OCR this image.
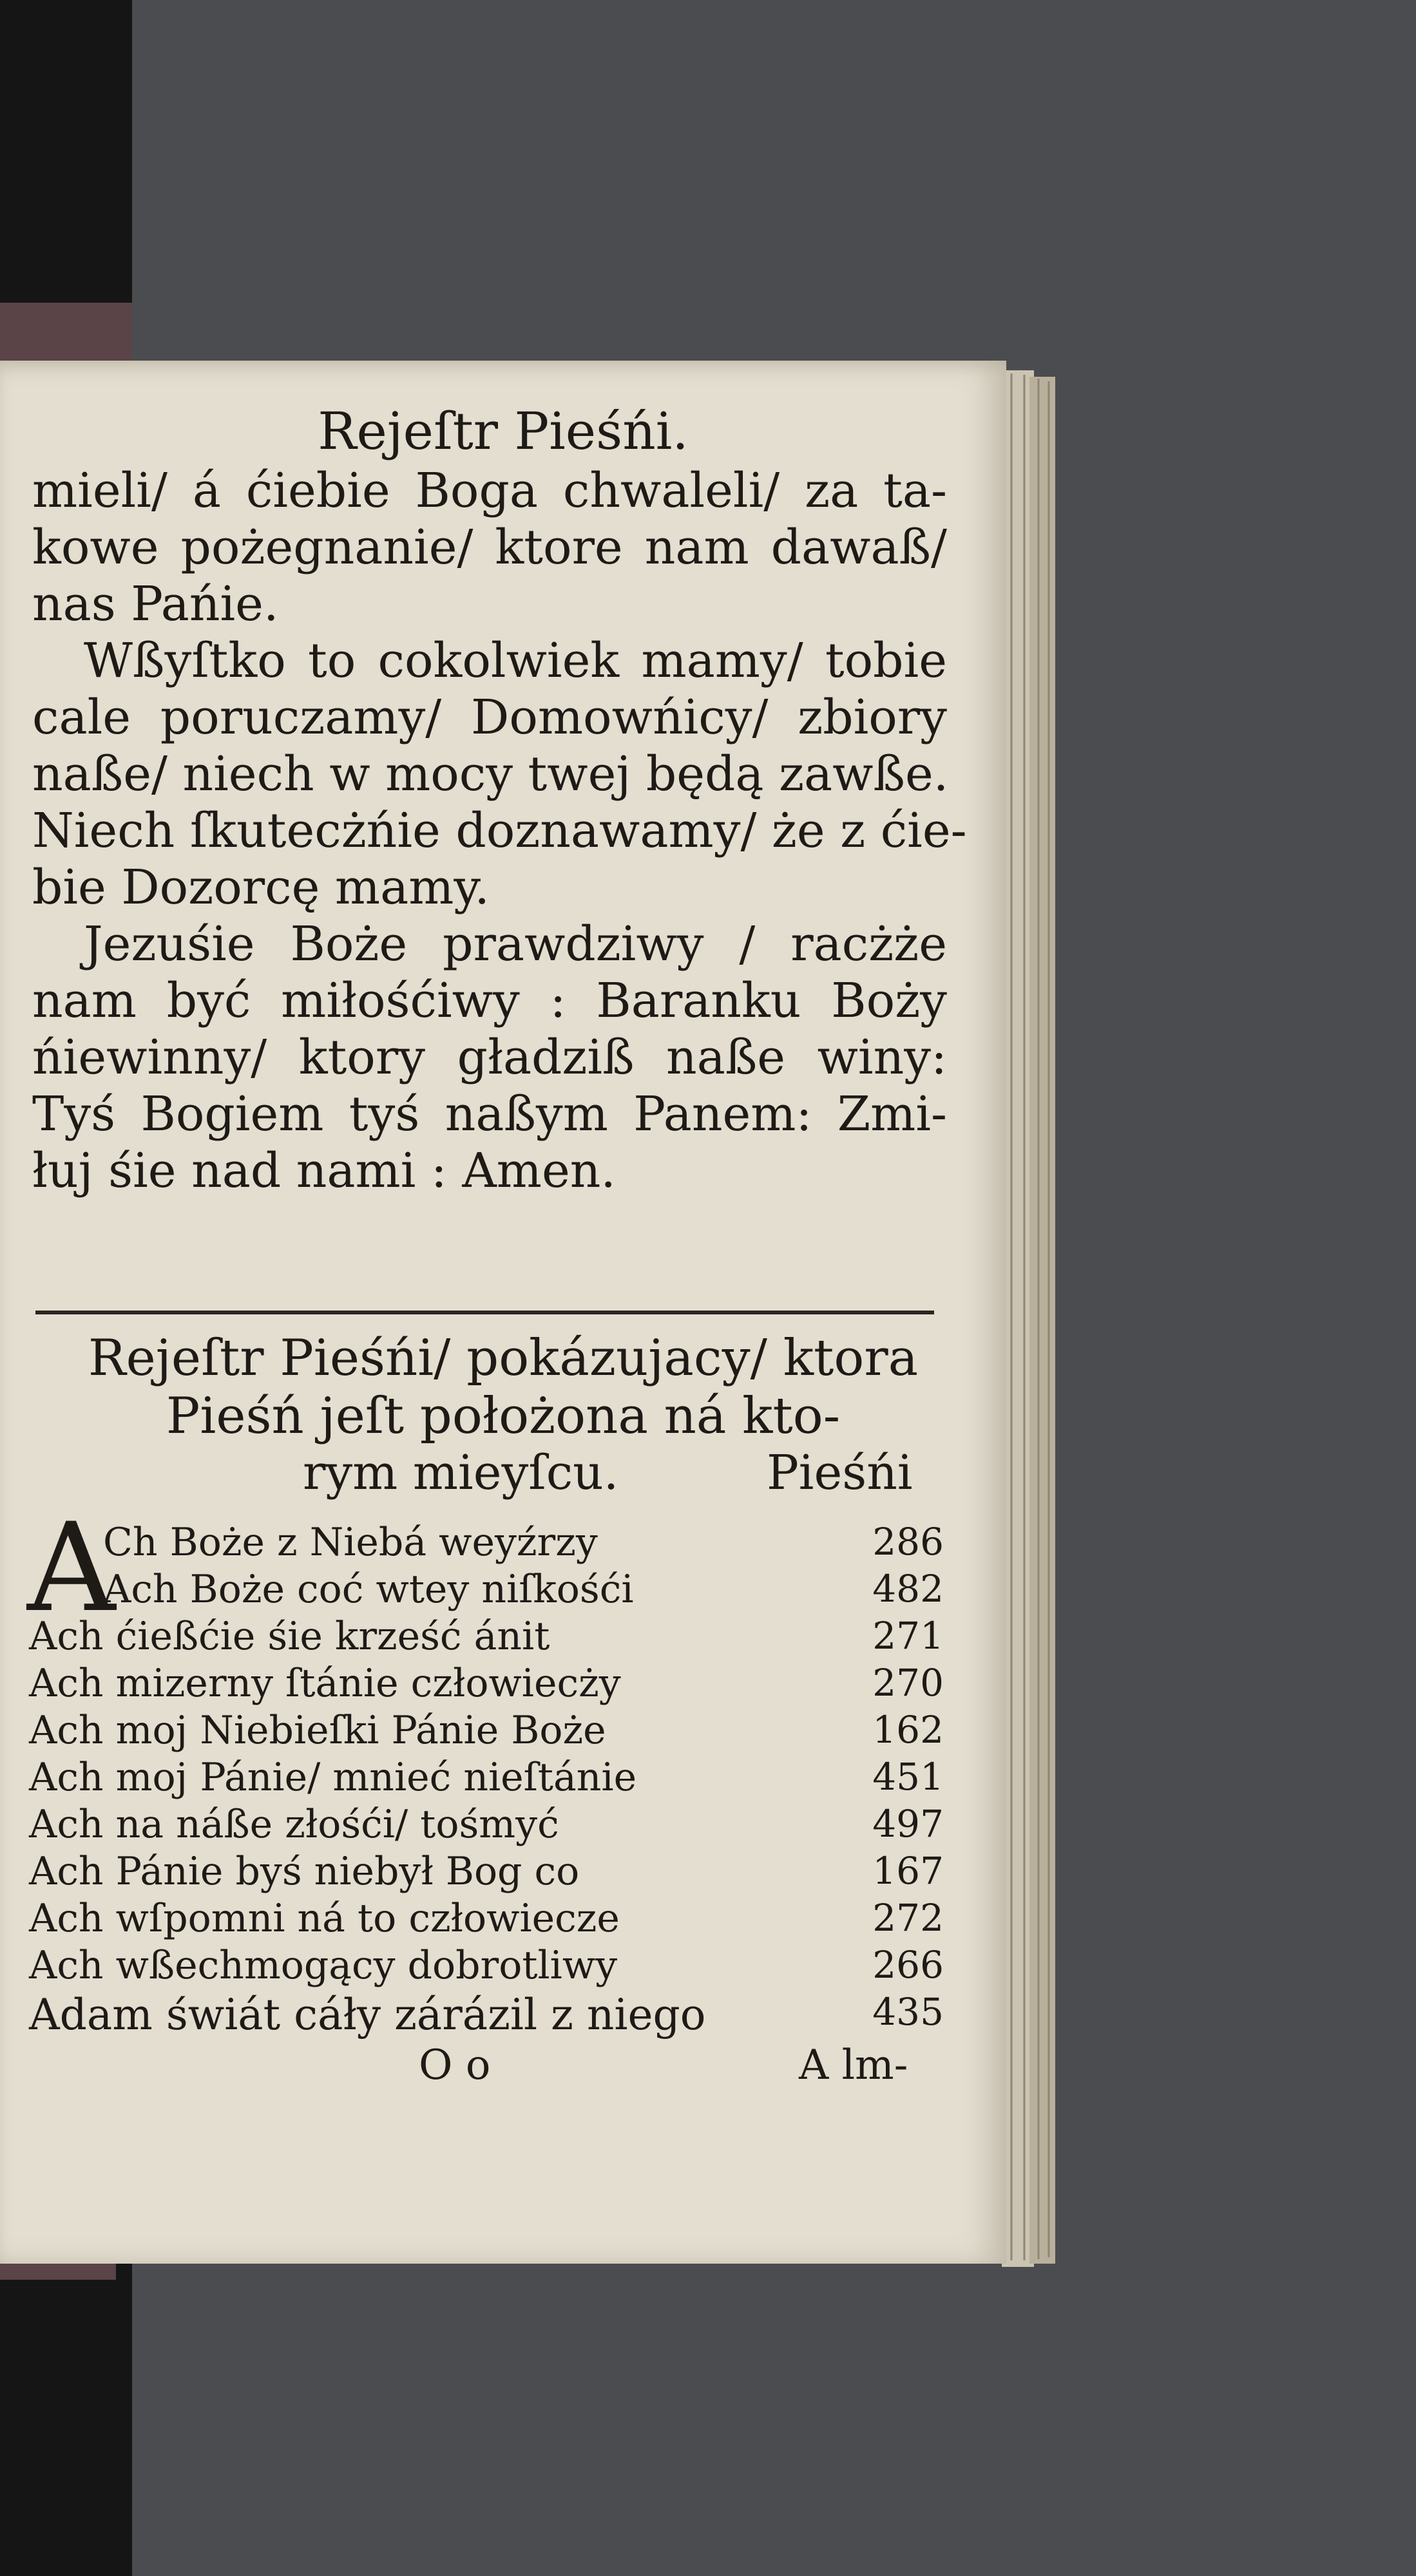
Rejeſtr Pieśńi.
mieli/ á ćiebie Boga chwaleli/ za ta-
kowe pożegnanie/ ktore nam dawaß/
nas Pańie.
Wßyſtko to cokolwiek mamy/ tobie
cale poruczamy/ Domowńicy/ zbiory
naße/ niech w mocy twej będą zawße.
Niech ſkutecżńie doznawamy/ że z ćie-
bie Dozorcę mamy.
Jezuśie Boże prawdziwy / racżże
nam być miłośćiwy : Baranku Boży
ńiewinny/ ktory gładziß naße winy:
Tyś Bogiem tyś naßym Panem: Zmi-
łuj śie nad nami : Amen.
Rejeſtr Pieśńi/ pokázujacy/ ktora
Pieśń jeſt położona ná kto-
rym mieyſcu.	Pieśńi
A
Ch Boże z Niebá weyźrzy	286
Ach Boże coć wtey niſkośći	482
Ach ćießćie śie krześć ánit	271
Ach mizerny ſtánie człowiecży	270
Ach moj Niebieſki Pánie Boże	162
Ach moj Pánie/ mnieć nieſtánie	451
Ach na náße złośći/ tośmyć	497
Ach Pánie byś niebył Bog co	167
Ach wſpomni ná to człowiecze	272
Ach wßechmogący dobrotliwy	266
Adam świát cáły zárázil z niego	435
O o	A lm-
